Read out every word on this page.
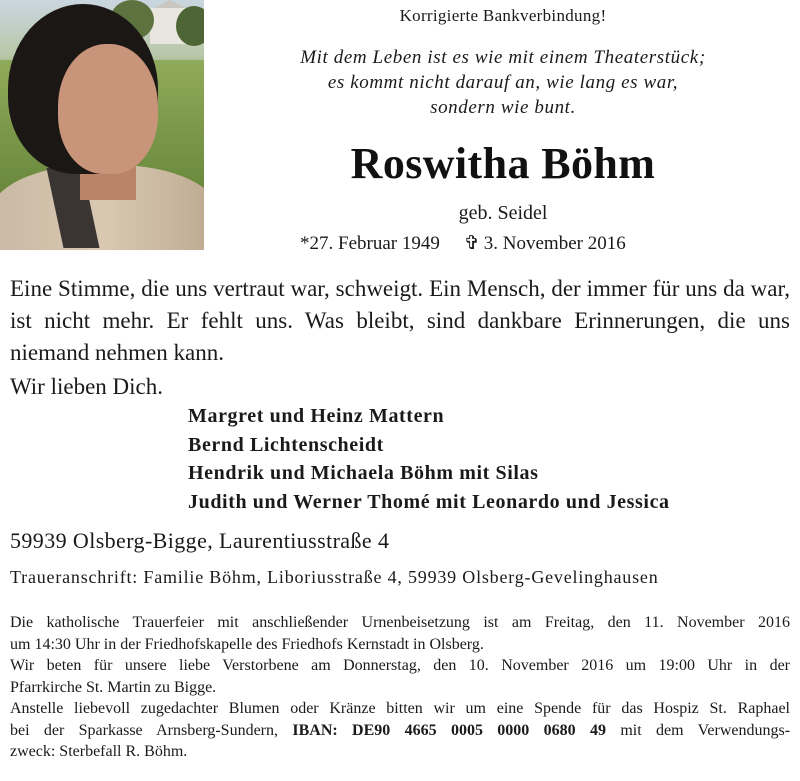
Korrigierte Bankverbindung!

Mit dem Leben ist es wie mit einem Theaterstück;

es kommt nicht darauf an, wie lang es war,

sondern wie bunt.

Roswitha Böhm

geb. Seidel

*27. Februar 1949 ✞ 3. November 2016

Eine Stimme, die uns vertraut war, schweigt. Ein Mensch, der immer für uns da war, ist nicht mehr. Er fehlt uns. Was bleibt, sind dankbare Erinnerungen, die uns niemand nehmen kann.

Wir lieben Dich.

Margret und Heinz Mattern
Bernd Lichtenscheidt
Hendrik und Michaela Böhm mit Silas
Judith und Werner Thomé mit Leonardo und Jessica

59939 Olsberg-Bigge, Laurentiusstraße 4

Traueranschrift: Familie Böhm, Liboriusstraße 4, 59939 Olsberg-Gevelinghausen

Die katholische Trauerfeier mit anschließender Urnenbeisetzung ist am Freitag, den 11. November 2016

um 14:30 Uhr in der Friedhofskapelle des Friedhofs Kernstadt in Olsberg.

Wir beten für unsere liebe Verstorbene am Donnerstag, den 10. November 2016 um 19:00 Uhr in der

Pfarrkirche St. Martin zu Bigge.

Anstelle liebevoll zugedachter Blumen oder Kränze bitten wir um eine Spende für das Hospiz St. Raphael

bei der Sparkasse Arnsberg-Sundern, IBAN: DE90 4665 0005 0000 0680 49 mit dem Verwendungs-

zweck: Sterbefall R. Böhm.
